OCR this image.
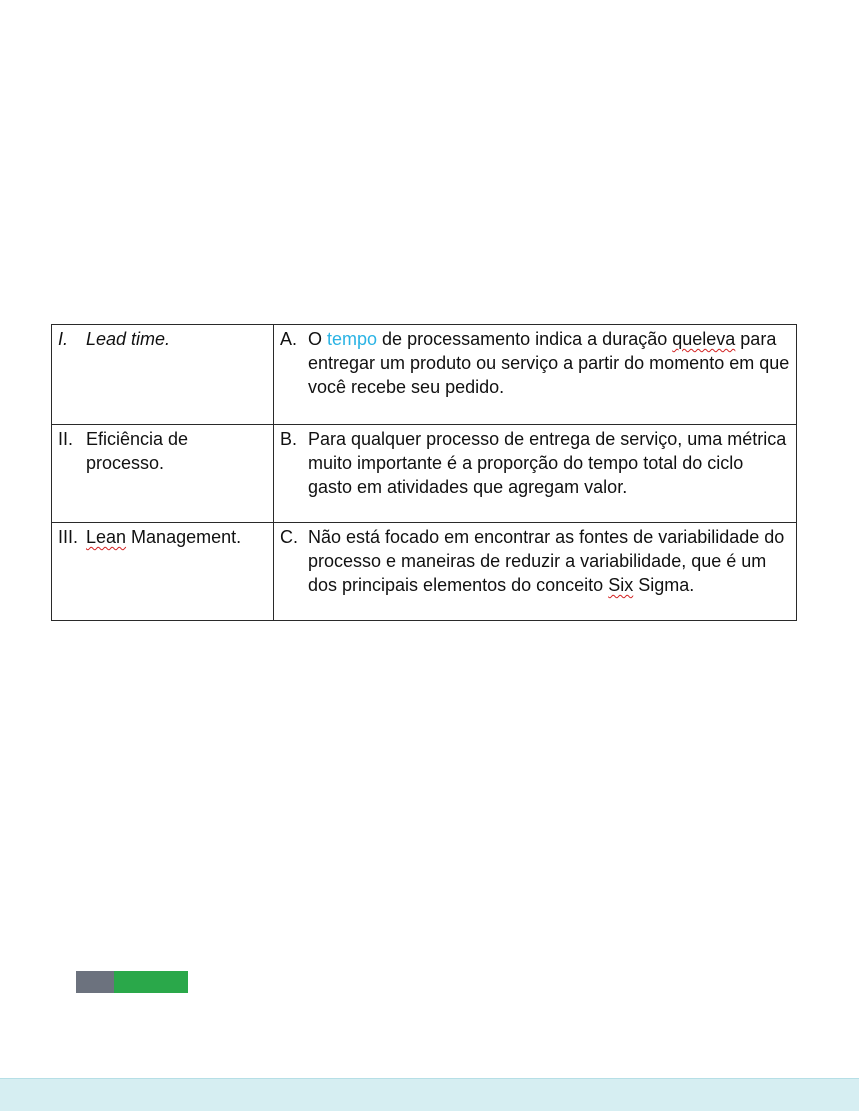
I. Lead time.	A. O tempo de processamento indica a duração queleva para entregar um produto ou serviço a partir do momento em que você recebe seu pedido.

II. Eficiência de processo.	B. Para qualquer processo de entrega de serviço, uma métrica muito importante é a proporção do tempo total do ciclo gasto em atividades que agregam valor.

III. Lean Management.	C. Não está focado em encontrar as fontes de variabilidade do processo e maneiras de reduzir a variabilidade, que é um dos principais elementos do conceito Six Sigma.
